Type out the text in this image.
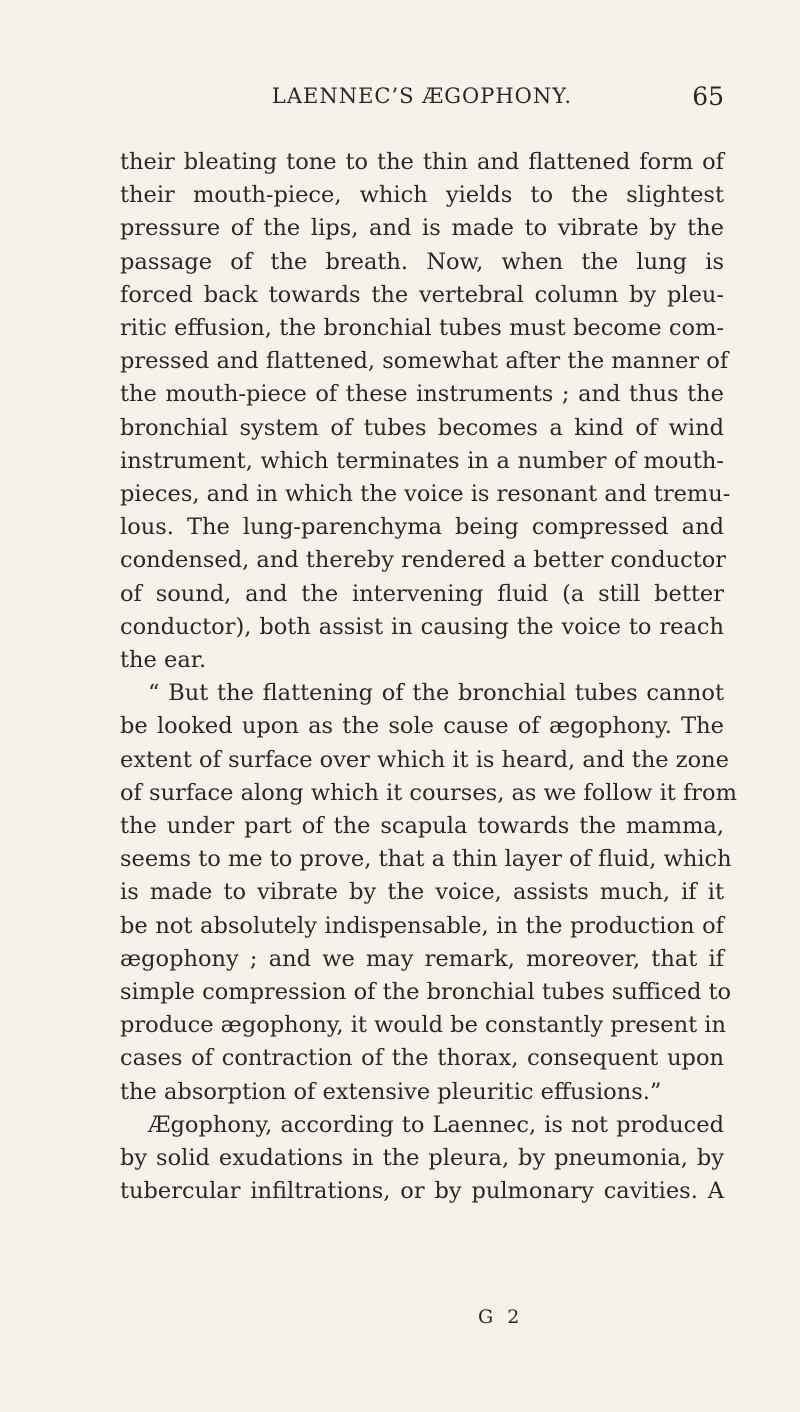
LAENNEC’S ÆGOPHONY.	65

their bleating tone to the thin and flattened form of
their mouth-piece, which yields to the slightest
pressure of the lips, and is made to vibrate by the
passage of the breath. Now, when the lung is
forced back towards the vertebral column by pleu-
ritic effusion, the bronchial tubes must become com-
pressed and flattened, somewhat after the manner of
the mouth-piece of these instruments ; and thus the
bronchial system of tubes becomes a kind of wind
instrument, which terminates in a number of mouth-
pieces, and in which the voice is resonant and tremu-
lous. The lung-parenchyma being compressed and
condensed, and thereby rendered a better conductor
of sound, and the intervening fluid (a still better
conductor), both assist in causing the voice to reach
the ear.

“ But the flattening of the bronchial tubes cannot
be looked upon as the sole cause of ægophony. The
extent of surface over which it is heard, and the zone
of surface along which it courses, as we follow it from
the under part of the scapula towards the mamma,
seems to me to prove, that a thin layer of fluid, which
is made to vibrate by the voice, assists much, if it
be not absolutely indispensable, in the production of
ægophony ; and we may remark, moreover, that if
simple compression of the bronchial tubes sufficed to
produce ægophony, it would be constantly present in
cases of contraction of the thorax, consequent upon
the absorption of extensive pleuritic effusions.”

Ægophony, according to Laennec, is not produced
by solid exudations in the pleura, by pneumonia, by
tubercular infiltrations, or by pulmonary cavities. A

G 2
